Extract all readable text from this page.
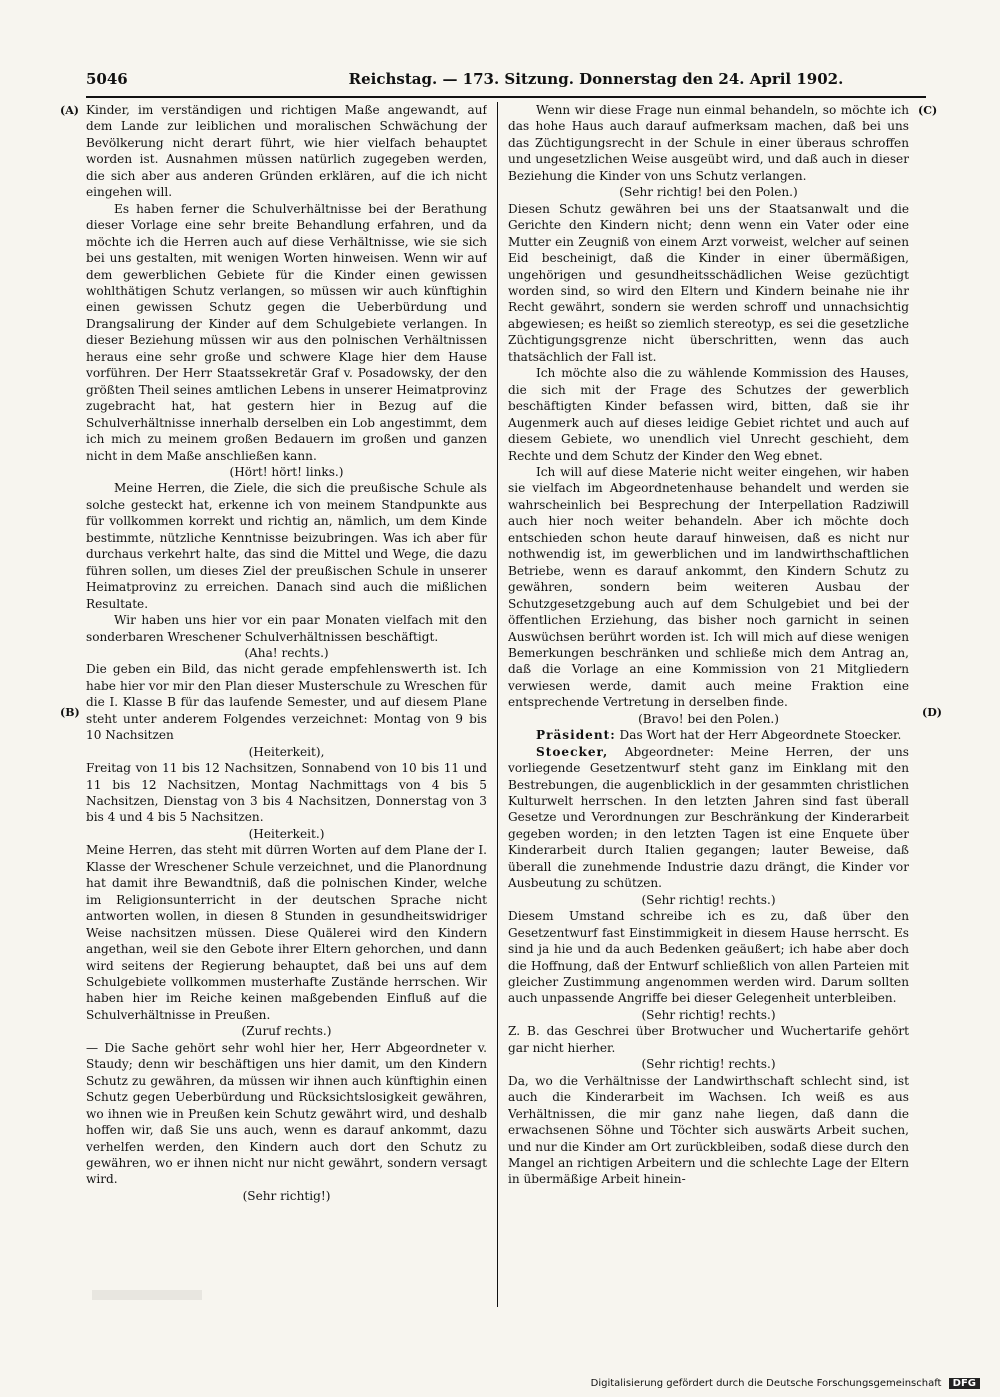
5046	Reichstag. — 173. Sitzung. Donnerstag den 24. April 1902.
(A)
(B)
(C)
(D)

Kinder, im verständigen und richtigen Maße angewandt, auf dem Lande zur leiblichen und moralischen Schwächung der Bevölkerung nicht derart führt, wie hier vielfach behauptet worden ist. Ausnahmen müssen natürlich zugegeben werden, die sich aber aus anderen Gründen erklären, auf die ich nicht eingehen will.

Es haben ferner die Schulverhältnisse bei der Berathung dieser Vorlage eine sehr breite Behandlung erfahren, und da möchte ich die Herren auch auf diese Verhältnisse, wie sie sich bei uns gestalten, mit wenigen Worten hinweisen. Wenn wir auf dem gewerblichen Gebiete für die Kinder einen gewissen wohlthätigen Schutz verlangen, so müssen wir auch künftighin einen gewissen Schutz gegen die Ueberbürdung und Drangsalirung der Kinder auf dem Schulgebiete verlangen. In dieser Beziehung müssen wir aus den polnischen Verhältnissen heraus eine sehr große und schwere Klage hier dem Hause vorführen. Der Herr Staatssekretär Graf v. Posadowsky, der den größten Theil seines amtlichen Lebens in unserer Heimatprovinz zugebracht hat, hat gestern hier in Bezug auf die Schulverhältnisse innerhalb derselben ein Lob angestimmt, dem ich mich zu meinem großen Bedauern im großen und ganzen nicht in dem Maße anschließen kann.

(Hört! hört! links.)

Meine Herren, die Ziele, die sich die preußische Schule als solche gesteckt hat, erkenne ich von meinem Standpunkte aus für vollkommen korrekt und richtig an, nämlich, um dem Kinde bestimmte, nützliche Kenntnisse beizubringen. Was ich aber für durchaus verkehrt halte, das sind die Mittel und Wege, die dazu führen sollen, um dieses Ziel der preußischen Schule in unserer Heimatprovinz zu erreichen. Danach sind auch die mißlichen Resultate.

Wir haben uns hier vor ein paar Monaten vielfach mit den sonderbaren Wreschener Schulverhältnissen beschäftigt.

(Aha! rechts.)

Die geben ein Bild, das nicht gerade empfehlenswerth ist. Ich habe hier vor mir den Plan dieser Musterschule zu Wreschen für die I. Klasse B für das laufende Semester, und auf diesem Plane steht unter anderem Folgendes verzeichnet: Montag von 9 bis 10 Nachsitzen

(Heiterkeit),

Freitag von 11 bis 12 Nachsitzen, Sonnabend von 10 bis 11 und 11 bis 12 Nachsitzen, Montag Nachmittags von 4 bis 5 Nachsitzen, Dienstag von 3 bis 4 Nachsitzen, Donnerstag von 3 bis 4 und 4 bis 5 Nachsitzen.

(Heiterkeit.)

Meine Herren, das steht mit dürren Worten auf dem Plane der I. Klasse der Wreschener Schule verzeichnet, und die Planordnung hat damit ihre Bewandtniß, daß die polnischen Kinder, welche im Religionsunterricht in der deutschen Sprache nicht antworten wollen, in diesen 8 Stunden in gesundheitswidriger Weise nachsitzen müssen. Diese Quälerei wird den Kindern angethan, weil sie den Gebote ihrer Eltern gehorchen, und dann wird seitens der Regierung behauptet, daß bei uns auf dem Schulgebiete vollkommen musterhafte Zustände herrschen. Wir haben hier im Reiche keinen maßgebenden Einfluß auf die Schulverhältnisse in Preußen.

(Zuruf rechts.)

— Die Sache gehört sehr wohl hier her, Herr Abgeordneter v. Staudy; denn wir beschäftigen uns hier damit, um den Kindern Schutz zu gewähren, da müssen wir ihnen auch künftighin einen Schutz gegen Ueberbürdung und Rücksichtslosigkeit gewähren, wo ihnen wie in Preußen kein Schutz gewährt wird, und deshalb hoffen wir, daß Sie uns auch, wenn es darauf ankommt, dazu verhelfen werden, den Kindern auch dort den Schutz zu gewähren, wo er ihnen nicht nur nicht gewährt, sondern versagt wird.

(Sehr richtig!)

Wenn wir diese Frage nun einmal behandeln, so möchte ich das hohe Haus auch darauf aufmerksam machen, daß bei uns das Züchtigungsrecht in der Schule in einer überaus schroffen und ungesetzlichen Weise ausgeübt wird, und daß auch in dieser Beziehung die Kinder von uns Schutz verlangen.

(Sehr richtig! bei den Polen.)

Diesen Schutz gewähren bei uns der Staatsanwalt und die Gerichte den Kindern nicht; denn wenn ein Vater oder eine Mutter ein Zeugniß von einem Arzt vorweist, welcher auf seinen Eid bescheinigt, daß die Kinder in einer übermäßigen, ungehörigen und gesundheitsschädlichen Weise gezüchtigt worden sind, so wird den Eltern und Kindern beinahe nie ihr Recht gewährt, sondern sie werden schroff und unnachsichtig abgewiesen; es heißt so ziemlich stereotyp, es sei die gesetzliche Züchtigungsgrenze nicht überschritten, wenn das auch thatsächlich der Fall ist.

Ich möchte also die zu wählende Kommission des Hauses, die sich mit der Frage des Schutzes der gewerblich beschäftigten Kinder befassen wird, bitten, daß sie ihr Augenmerk auch auf dieses leidige Gebiet richtet und auch auf diesem Gebiete, wo unendlich viel Unrecht geschieht, dem Rechte und dem Schutz der Kinder den Weg ebnet.

Ich will auf diese Materie nicht weiter eingehen, wir haben sie vielfach im Abgeordnetenhause behandelt und werden sie wahrscheinlich bei Besprechung der Interpellation Radziwill auch hier noch weiter behandeln. Aber ich möchte doch entschieden schon heute darauf hinweisen, daß es nicht nur nothwendig ist, im gewerblichen und im landwirthschaftlichen Betriebe, wenn es darauf ankommt, den Kindern Schutz zu gewähren, sondern beim weiteren Ausbau der Schutzgesetzgebung auch auf dem Schulgebiet und bei der öffentlichen Erziehung, das bisher noch garnicht in seinen Auswüchsen berührt worden ist. Ich will mich auf diese wenigen Bemerkungen beschränken und schließe mich dem Antrag an, daß die Vorlage an eine Kommission von 21 Mitgliedern verwiesen werde, damit auch meine Fraktion eine entsprechende Vertretung in derselben finde.

(Bravo! bei den Polen.)

Präsident: Das Wort hat der Herr Abgeordnete Stoecker.

Stoecker, Abgeordneter: Meine Herren, der uns vorliegende Gesetzentwurf steht ganz im Einklang mit den Bestrebungen, die augenblicklich in der gesammten christlichen Kulturwelt herrschen. In den letzten Jahren sind fast überall Gesetze und Verordnungen zur Beschränkung der Kinderarbeit gegeben worden; in den letzten Tagen ist eine Enquete über Kinderarbeit durch Italien gegangen; lauter Beweise, daß überall die zunehmende Industrie dazu drängt, die Kinder vor Ausbeutung zu schützen.

(Sehr richtig! rechts.)

Diesem Umstand schreibe ich es zu, daß über den Gesetzentwurf fast Einstimmigkeit in diesem Hause herrscht. Es sind ja hie und da auch Bedenken geäußert; ich habe aber doch die Hoffnung, daß der Entwurf schließlich von allen Parteien mit gleicher Zustimmung angenommen werden wird. Darum sollten auch unpassende Angriffe bei dieser Gelegenheit unterbleiben.

(Sehr richtig! rechts.)

Z. B. das Geschrei über Brotwucher und Wuchertarife gehört gar nicht hierher.

(Sehr richtig! rechts.)

Da, wo die Verhältnisse der Landwirthschaft schlecht sind, ist auch die Kinderarbeit im Wachsen. Ich weiß es aus Verhältnissen, die mir ganz nahe liegen, daß dann die erwachsenen Söhne und Töchter sich auswärts Arbeit suchen, und nur die Kinder am Ort zurückbleiben, sodaß diese durch den Mangel an richtigen Arbeitern und die schlechte Lage der Eltern in übermäßige Arbeit hinein-

Digitalisierung gefördert durch die Deutsche Forschungsgemeinschaft DFG
